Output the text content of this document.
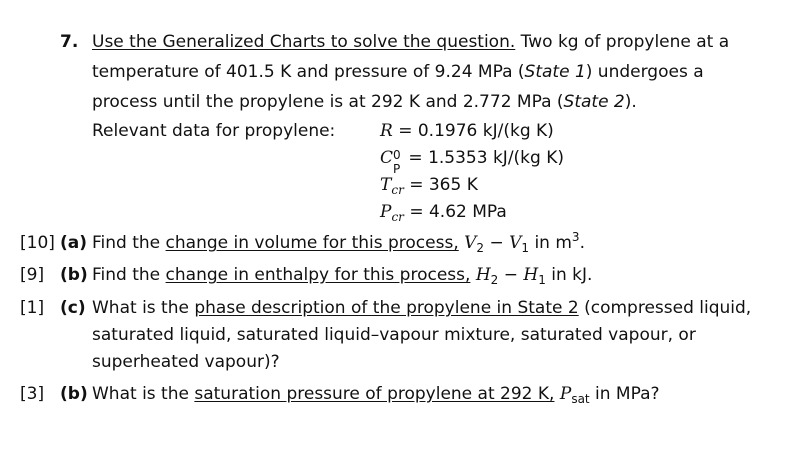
7. Use the Generalized Charts to solve the question. Two kg of propylene at a
temperature of 401.5 K and pressure of 9.24 MPa (State 1) undergoes a
process until the propylene is at 292 K and 2.772 MPa (State 2).
Relevant data for propylene:	R = 0.1976 kJ/(kg K)
C 0
P
= 1.5353 kJ/(kg K)
$T_{cr} = 365$ K
$P_{cr} = 4.62$ MPa
[10] (a) Find the change in volume for this process, $V_2 - V_1$ in $m^3$.
[9] (b) Find the change in enthalpy for this process, $H_2 - H_1$ in kJ.
[1] (c) What is the phase description of the propylene in State 2 (compressed liquid,
saturated liquid, saturated liquid–vapour mixture, saturated vapour, or
superheated vapour)?
[3] (b) What is the saturation pressure of propylene at 292 K, $P_{sat}$ in MPa?
